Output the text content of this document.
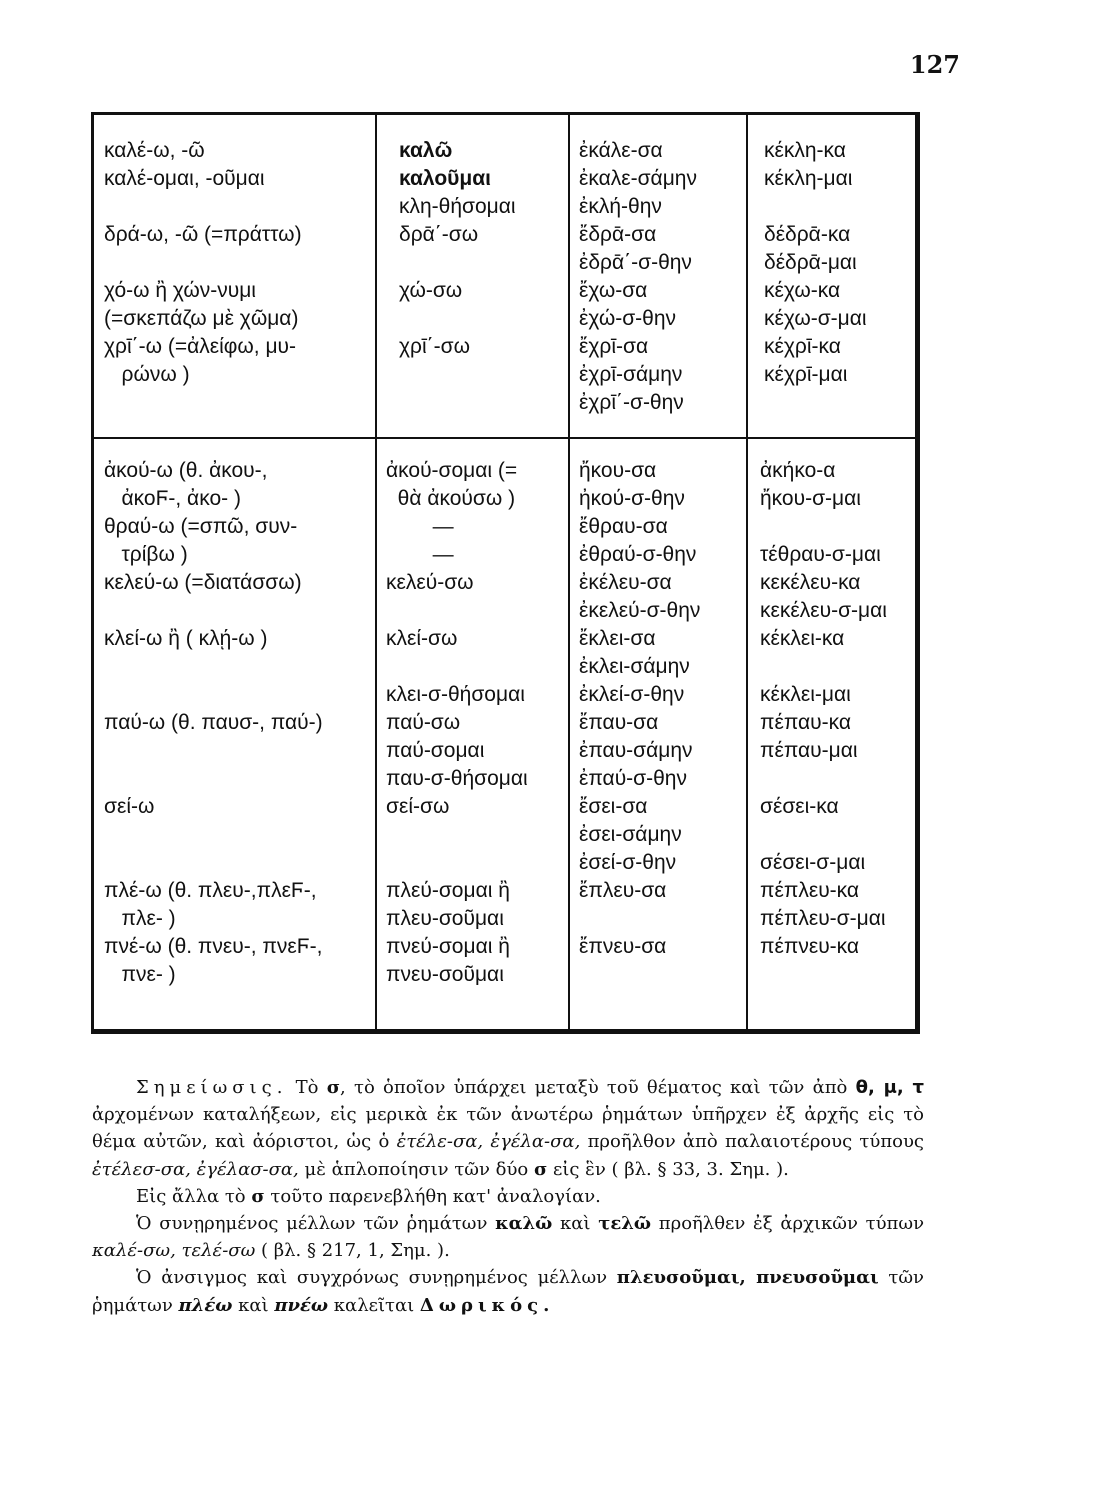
127
καλέ-ω, -ῶ
καλέ-ομαι, -οῦμαι
δρά-ω, -ῶ (=πράττω)
χό-ω ἢ χών-νυμι
(=σκεπάζω μὲ χῶμα)
χρῑ΄-ω (=ἀλείφω, μυ-
ρώνω )
καλῶ
καλοῦμαι
κλη-θήσομαι
δρᾱ΄-σω
χώ-σω
χρῑ΄-σω
ἐκάλε-σα
ἐκαλε-σάμην
ἐκλή-θην
ἔδρᾱ-σα
ἐδρᾱ΄-σ-θην
ἔχω-σα
ἐχώ-σ-θην
ἔχρῑ-σα
ἐχρῑ-σάμην
ἐχρῑ΄-σ-θην
κέκλη-κα
κέκλη-μαι
δέδρᾱ-κα
δέδρᾱ-μαι
κέχω-κα
κέχω-σ-μαι
κέχρῑ-κα
κέχρῑ-μαι
ἀκού-ω (θ. ἀκου-,
ἀκοϜ-, ἀκο- )
θραύ-ω (=σπῶ, συν-
τρίβω )
κελεύ-ω (=διατάσσω)
κλεί-ω ἢ ( κλῄ-ω )
παύ-ω (θ. παυσ-, παύ-)
σεί-ω
πλέ-ω (θ. πλευ-,πλεϜ-,
πλε- )
πνέ-ω (θ. πνευ-, πνεϜ-,
πνε- )
ἀκού-σομαι (=
θὰ ἀκούσω )
—
—
κελεύ-σω
κλεί-σω
κλει-σ-θήσομαι
παύ-σω
παύ-σομαι
παυ-σ-θήσομαι
σεί-σω
πλεύ-σομαι ἢ
πλευ-σοῦμαι
πνεύ-σομαι ἢ
πνευ-σοῦμαι
ἤκου-σα
ἠκού-σ-θην
ἔθραυ-σα
ἐθραύ-σ-θην
ἐκέλευ-σα
ἐκελεύ-σ-θην
ἔκλει-σα
ἐκλει-σάμην
ἐκλεί-σ-θην
ἔπαυ-σα
ἐπαυ-σάμην
ἐπαύ-σ-θην
ἔσει-σα
ἐσει-σάμην
ἐσεί-σ-θην
ἔπλευ-σα
ἔπνευ-σα
ἀκήκο-α
ἤκου-σ-μαι
τέθραυ-σ-μαι
κεκέλευ-κα
κεκέλευ-σ-μαι
κέκλει-κα
κέκλει-μαι
πέπαυ-κα
πέπαυ-μαι
σέσει-κα
σέσει-σ-μαι
πέπλευ-κα
πέπλευ-σ-μαι
πέπνευ-κα

Σημείωσις. Τὸ σ, τὸ ὁποῖον ὑπάρχει μεταξὺ τοῦ θέματος καὶ τῶν ἀπὸ θ, μ, τ ἀρχομένων καταλήξεων, εἰς μερικὰ ἐκ τῶν ἀνωτέρω ῥημάτων ὑπῆρχεν ἐξ ἀρχῆς εἰς τὸ θέμα αὐτῶν, καὶ ἀόριστοι, ὡς ὁ ἐτέλε-σα, ἐγέλα-σα, προῆλθον ἀπὸ παλαιοτέρους τύπους ἐτέλεσ-σα, ἐγέλασ-σα, μὲ ἁπλοποίησιν τῶν δύο σ εἰς ἓν ( βλ. § 33, 3. Σημ. ).

Εἰς ἄλλα τὸ σ τοῦτο παρενεβλήθη κατ' ἀναλογίαν.

Ὁ συνῃρημένος μέλλων τῶν ῥημάτων καλῶ καὶ τελῶ προῆλθεν ἐξ ἀρχικῶν τύπων καλέ-σω, τελέ-σω ( βλ. § 217, 1, Σημ. ).

Ὁ ἀνσιγμος καὶ συγχρόνως συνῃρημένος μέλλων πλευσοῦμαι, πνευσοῦμαι τῶν ῥημάτων πλέω καὶ πνέω καλεῖται Δωρικός.
